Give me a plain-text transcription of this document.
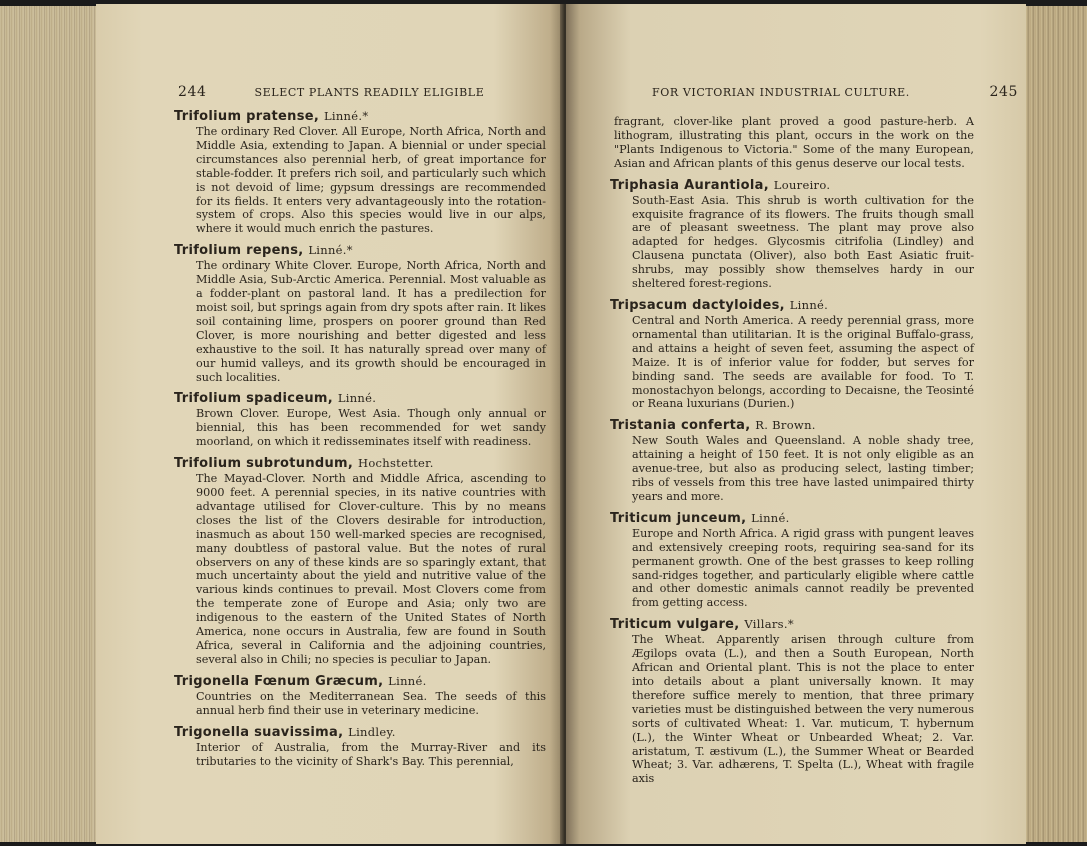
244	SELECT PLANTS READILY ELIGIBLE
Trifolium pratense, Linné.*
The ordinary Red Clover. All Europe, North Africa, North and Middle Asia, extending to Japan. A biennial or under special circumstances also perennial herb, of great importance for stable-fodder. It prefers rich soil, and particularly such which is not devoid of lime; gypsum dressings are recommended for its fields. It enters very advantageously into the rotation-system of crops. Also this species would live in our alps, where it would much enrich the pastures.
Trifolium repens, Linné.*
The ordinary White Clover. Europe, North Africa, North and Middle Asia, Sub-Arctic America. Perennial. Most valuable as a fodder-plant on pastoral land. It has a predilection for moist soil, but springs again from dry spots after rain. It likes soil containing lime, prospers on poorer ground than Red Clover, is more nourishing and better digested and less exhaustive to the soil. It has naturally spread over many of our humid valleys, and its growth should be encouraged in such localities.
Trifolium spadiceum, Linné.
Brown Clover. Europe, West Asia. Though only annual or biennial, this has been recommended for wet sandy moorland, on which it redisseminates itself with readiness.
Trifolium subrotundum, Hochstetter.
The Mayad-Clover. North and Middle Africa, ascending to 9000 feet. A perennial species, in its native countries with advantage utilised for Clover-culture. This by no means closes the list of the Clovers desirable for introduction, inasmuch as about 150 well-marked species are recognised, many doubtless of pastoral value. But the notes of rural observers on any of these kinds are so sparingly extant, that much uncertainty about the yield and nutritive value of the various kinds continues to prevail. Most Clovers come from the temperate zone of Europe and Asia; only two are indigenous to the eastern of the United States of North America, none occurs in Australia, few are found in South Africa, several in California and the adjoining countries, several also in Chili; no species is peculiar to Japan.
Trigonella Fœnum Græcum, Linné.
Countries on the Mediterranean Sea. The seeds of this annual herb find their use in veterinary medicine.
Trigonella suavissima, Lindley.
Interior of Australia, from the Murray-River and its tributaries to the vicinity of Shark's Bay. This perennial,
FOR VICTORIAN INDUSTRIAL CULTURE.	245
fragrant, clover-like plant proved a good pasture-herb. A lithogram, illustrating this plant, occurs in the work on the "Plants Indigenous to Victoria." Some of the many European, Asian and African plants of this genus deserve our local tests.
Triphasia Aurantiola, Loureiro.
South-East Asia. This shrub is worth cultivation for the exquisite fragrance of its flowers. The fruits though small are of pleasant sweetness. The plant may prove also adapted for hedges. Glycosmis citrifolia (Lindley) and Clausena punctata (Oliver), also both East Asiatic fruit-shrubs, may possibly show themselves hardy in our sheltered forest-regions.
Tripsacum dactyloides, Linné.
Central and North America. A reedy perennial grass, more ornamental than utilitarian. It is the original Buffalo-grass, and attains a height of seven feet, assuming the aspect of Maize. It is of inferior value for fodder, but serves for binding sand. The seeds are available for food. To T. monostachyon belongs, according to Decaisne, the Teosinté or Reana luxurians (Durien.)
Tristania conferta, R. Brown.
New South Wales and Queensland. A noble shady tree, attaining a height of 150 feet. It is not only eligible as an avenue-tree, but also as producing select, lasting timber; ribs of vessels from this tree have lasted unimpaired thirty years and more.
Triticum junceum, Linné.
Europe and North Africa. A rigid grass with pungent leaves and extensively creeping roots, requiring sea-sand for its permanent growth. One of the best grasses to keep rolling sand-ridges together, and particularly eligible where cattle and other domestic animals cannot readily be prevented from getting access.
Triticum vulgare, Villars.*
The Wheat. Apparently arisen through culture from Ægilops ovata (L.), and then a South European, North African and Oriental plant. This is not the place to enter into details about a plant universally known. It may therefore suffice merely to mention, that three primary varieties must be distinguished between the very numerous sorts of cultivated Wheat: 1. Var. muticum, T. hybernum (L.), the Winter Wheat or Unbearded Wheat; 2. Var. aristatum, T. æstivum (L.), the Summer Wheat or Bearded Wheat; 3. Var. adhærens, T. Spelta (L.), Wheat with fragile axis
